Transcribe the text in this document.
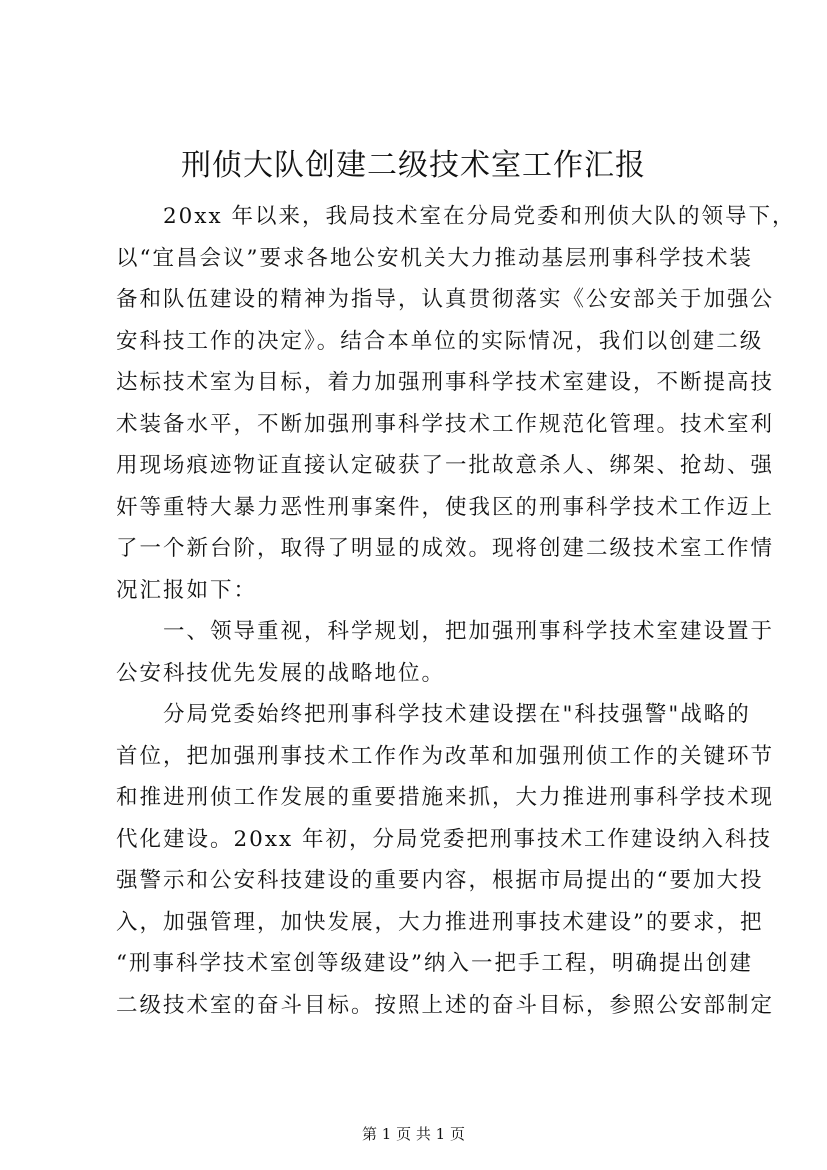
刑侦大队创建二级技术室工作汇报
　　20xx 年以来，我局技术室在分局党委和刑侦大队的领导下，
以“宜昌会议”要求各地公安机关大力推动基层刑事科学技术装
备和队伍建设的精神为指导，认真贯彻落实《公安部关于加强公
安科技工作的决定》。结合本单位的实际情况，我们以创建二级
达标技术室为目标，着力加强刑事科学技术室建设，不断提高技
术装备水平，不断加强刑事科学技术工作规范化管理。技术室利
用现场痕迹物证直接认定破获了一批故意杀人、绑架、抢劫、强
奸等重特大暴力恶性刑事案件，使我区的刑事科学技术工作迈上
了一个新台阶，取得了明显的成效。现将创建二级技术室工作情
况汇报如下：
　　一、领导重视，科学规划，把加强刑事科学技术室建设置于
公安科技优先发展的战略地位。
　　分局党委始终把刑事科学技术建设摆在"科技强警"战略的
首位，把加强刑事技术工作作为改革和加强刑侦工作的关键环节
和推进刑侦工作发展的重要措施来抓，大力推进刑事科学技术现
代化建设。20xx 年初，分局党委把刑事技术工作建设纳入科技
强警示和公安科技建设的重要内容，根据市局提出的“要加大投
入，加强管理，加快发展，大力推进刑事技术建设”的要求，把
“刑事科学技术室创等级建设”纳入一把手工程，明确提出创建
二级技术室的奋斗目标。按照上述的奋斗目标，参照公安部制定
第 1 页 共 1 页
